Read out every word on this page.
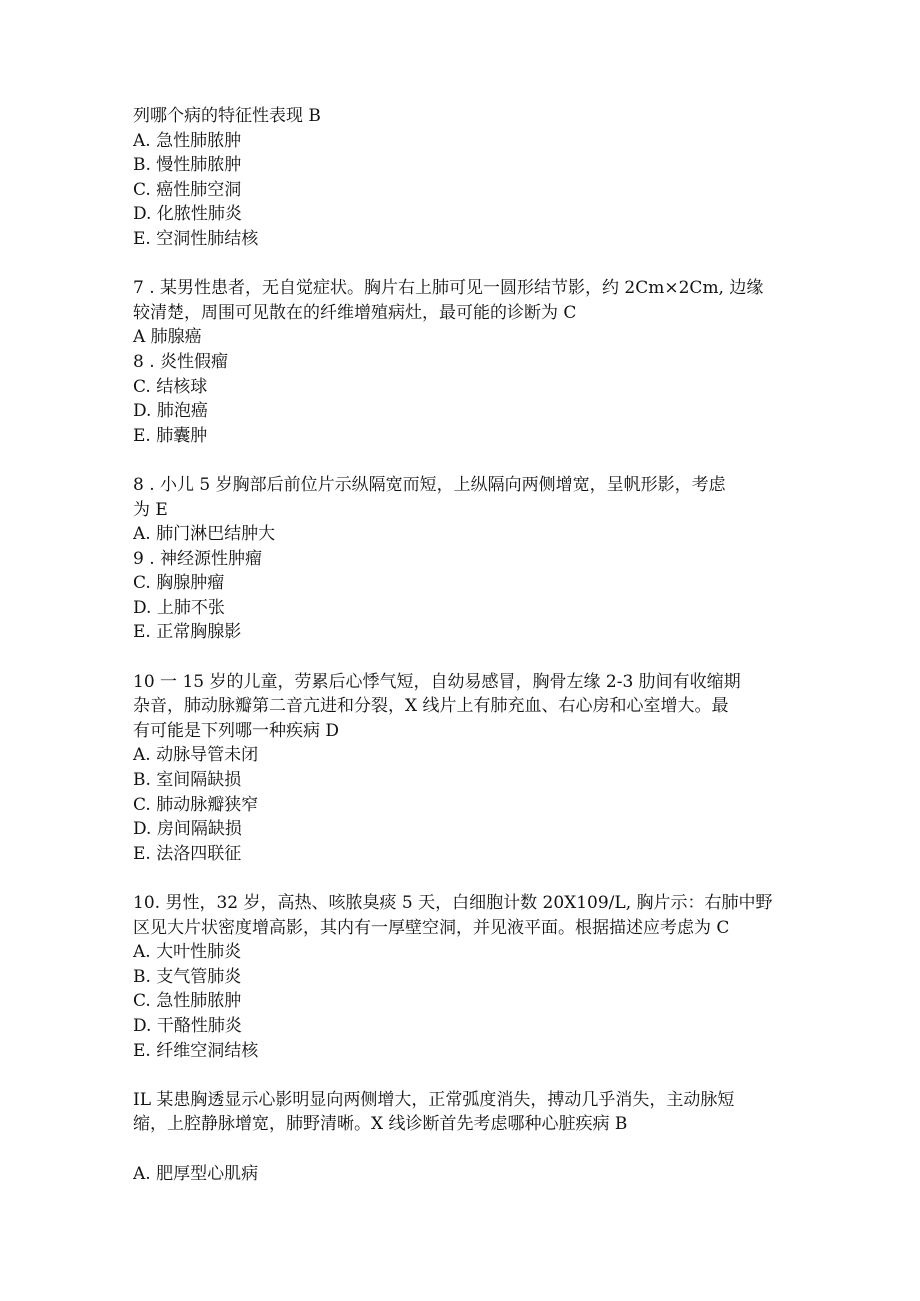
列哪个病的特征性表现 B
A. 急性肺脓肿
B. 慢性肺脓肿
C. 癌性肺空洞
D. 化脓性肺炎
E. 空洞性肺结核
7 . 某男性患者，无自觉症状。胸片右上肺可见一圆形结节影，约 2Cm×2Cm, 边缘
较清楚，周围可见散在的纤维增殖病灶，最可能的诊断为 C
A 肺腺癌
8 . 炎性假瘤
C. 结核球
D. 肺泡癌
E. 肺囊肿
8 . 小儿 5 岁胸部后前位片示纵隔宽而短，上纵隔向两侧增宽，呈帆形影，考虑
为 E
A. 肺门淋巴结肿大
9 . 神经源性肿瘤
C. 胸腺肿瘤
D. 上肺不张
E. 正常胸腺影
10 一 15 岁的儿童，劳累后心悸气短，自幼易感冒，胸骨左缘 2-3 肋间有收缩期
杂音，肺动脉瓣第二音亢进和分裂，X 线片上有肺充血、右心房和心室增大。最
有可能是下列哪一种疾病 D
A. 动脉导管未闭
B. 室间隔缺损
C. 肺动脉瓣狭窄
D. 房间隔缺损
E. 法洛四联征
10. 男性，32 岁，高热、咳脓臭痰 5 天，白细胞计数 20X109/L, 胸片示：右肺中野
区见大片状密度增高影，其内有一厚壁空洞，并见液平面。根据描述应考虑为 C
A. 大叶性肺炎
B. 支气管肺炎
C. 急性肺脓肿
D. 干酪性肺炎
E. 纤维空洞结核
IL 某患胸透显示心影明显向两侧增大，正常弧度消失，搏动几乎消失，主动脉短
缩，上腔静脉增宽，肺野清晰。X 线诊断首先考虑哪种心脏疾病 B
A. 肥厚型心肌病
